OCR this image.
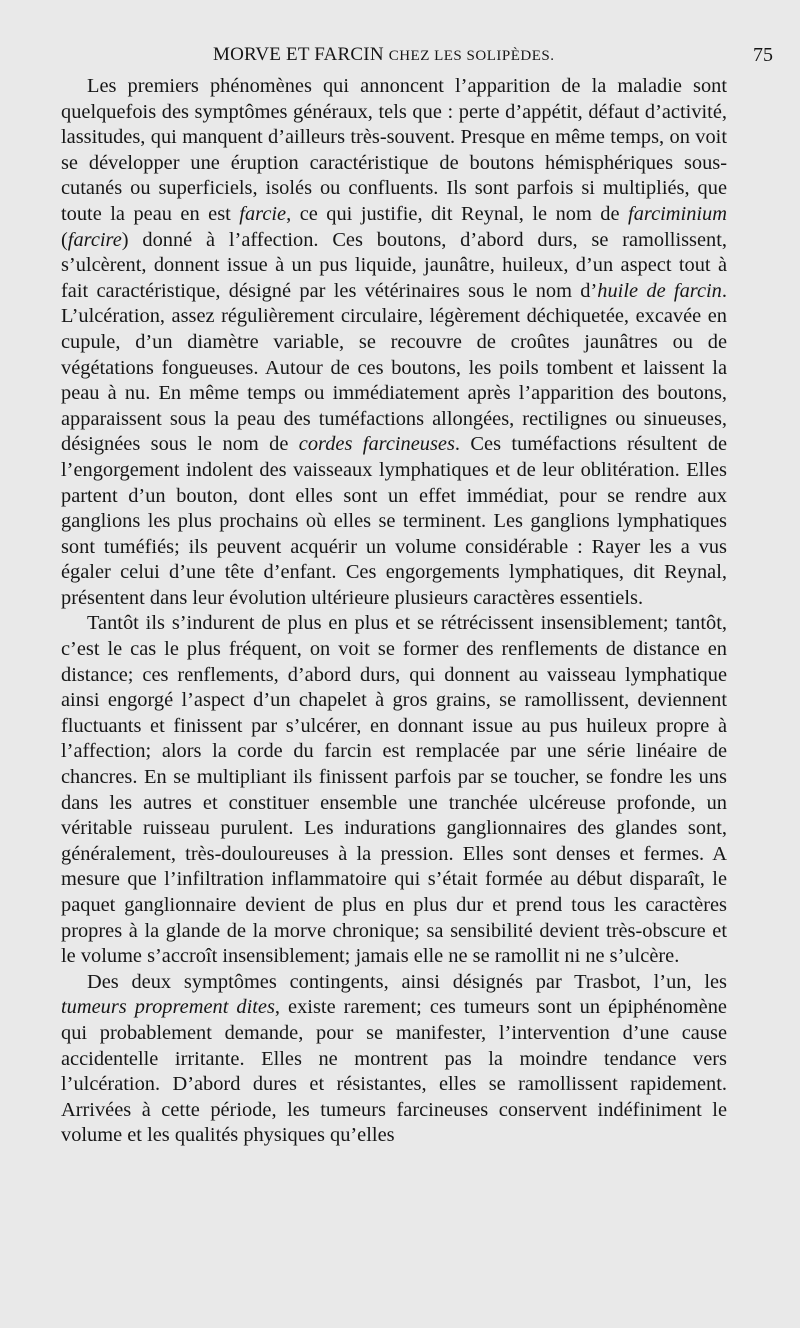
MORVE ET FARCIN CHEZ LES SOLIPÈDES.	75

Les premiers phénomènes qui annoncent l’apparition de la maladie sont quelquefois des symptômes généraux, tels que : perte d’appétit, défaut d’activité, lassitudes, qui manquent d’ailleurs très-souvent. Presque en même temps, on voit se développer une éruption caractéristique de boutons hémisphériques sous-cutanés ou superficiels, isolés ou confluents. Ils sont parfois si multipliés, que toute la peau en est farcie, ce qui justifie, dit Reynal, le nom de farciminium (farcire) donné à l’affection. Ces boutons, d’abord durs, se ramollissent, s’ulcèrent, donnent issue à un pus liquide, jaunâtre, huileux, d’un aspect tout à fait caractéristique, désigné par les vétérinaires sous le nom d’huile de farcin. L’ulcération, assez régulièrement circulaire, légèrement déchiquetée, excavée en cupule, d’un diamètre variable, se recouvre de croûtes jaunâtres ou de végétations fongueuses. Autour de ces boutons, les poils tombent et laissent la peau à nu. En même temps ou immédiatement après l’apparition des boutons, apparaissent sous la peau des tuméfactions allongées, rectilignes ou sinueuses, désignées sous le nom de cordes farcineuses. Ces tuméfactions résultent de l’engorgement indolent des vaisseaux lymphatiques et de leur oblitération. Elles partent d’un bouton, dont elles sont un effet immédiat, pour se rendre aux ganglions les plus prochains où elles se terminent. Les ganglions lymphatiques sont tuméfiés; ils peuvent acquérir un volume considérable : Rayer les a vus égaler celui d’une tête d’enfant. Ces engorgements lymphatiques, dit Reynal, présentent dans leur évolution ultérieure plusieurs caractères essentiels.

Tantôt ils s’indurent de plus en plus et se rétrécissent insensiblement; tantôt, c’est le cas le plus fréquent, on voit se former des renflements de distance en distance; ces renflements, d’abord durs, qui donnent au vaisseau lymphatique ainsi engorgé l’aspect d’un chapelet à gros grains, se ramollissent, deviennent fluctuants et finissent par s’ulcérer, en donnant issue au pus huileux propre à l’affection; alors la corde du farcin est remplacée par une série linéaire de chancres. En se multipliant ils finissent parfois par se toucher, se fondre les uns dans les autres et constituer ensemble une tranchée ulcéreuse profonde, un véritable ruisseau purulent. Les indurations ganglionnaires des glandes sont, généralement, très-douloureuses à la pression. Elles sont denses et fermes. A mesure que l’infiltration inflammatoire qui s’était formée au début disparaît, le paquet ganglionnaire devient de plus en plus dur et prend tous les caractères propres à la glande de la morve chronique; sa sensibilité devient très-obscure et le volume s’accroît insensiblement; jamais elle ne se ramollit ni ne s’ulcère.

Des deux symptômes contingents, ainsi désignés par Trasbot, l’un, les tumeurs proprement dites, existe rarement; ces tumeurs sont un épiphénomène qui probablement demande, pour se manifester, l’intervention d’une cause accidentelle irritante. Elles ne montrent pas la moindre tendance vers l’ulcération. D’abord dures et résistantes, elles se ramollissent rapidement. Arrivées à cette période, les tumeurs farcineuses conservent indéfiniment le volume et les qualités physiques qu’elles
